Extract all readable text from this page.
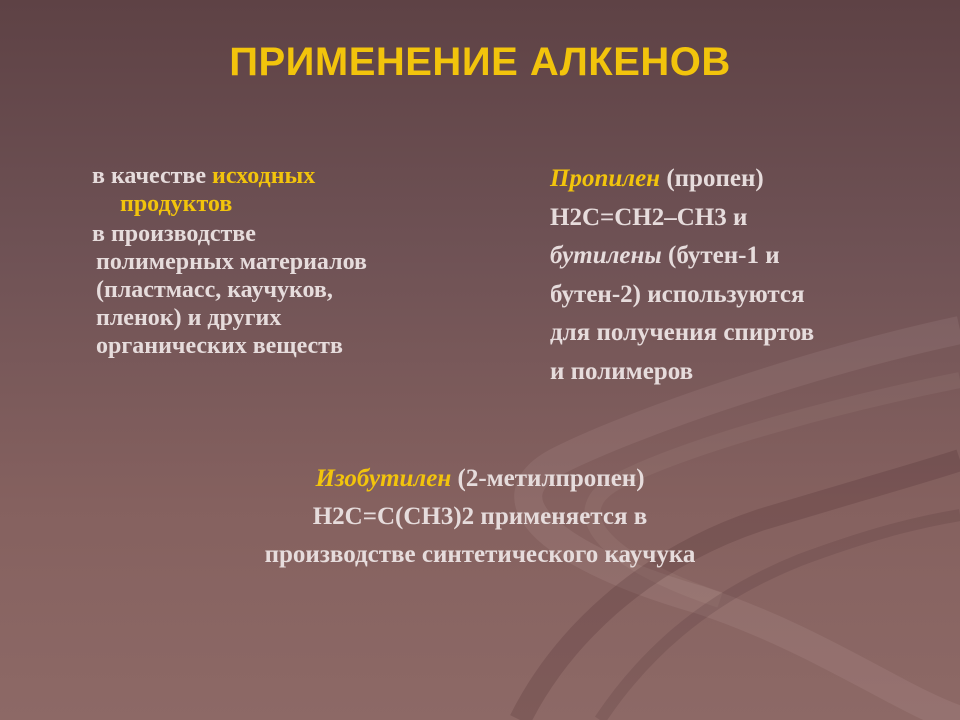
ПРИМЕНЕНИЕ АЛКЕНОВ
в качестве исходных
продуктов
в производстве
полимерных материалов
(пластмасс, каучуков,
пленок) и других
органических веществ
Пропилен (пропен)
H2C=CH2–CH3 и
бутилены (бутен-1 и
бутен-2) используются
для получения спиртов
и полимеров
Изобутилен (2-метилпропен)
H2C=C(CH3)2 применяется в
производстве синтетического каучука
